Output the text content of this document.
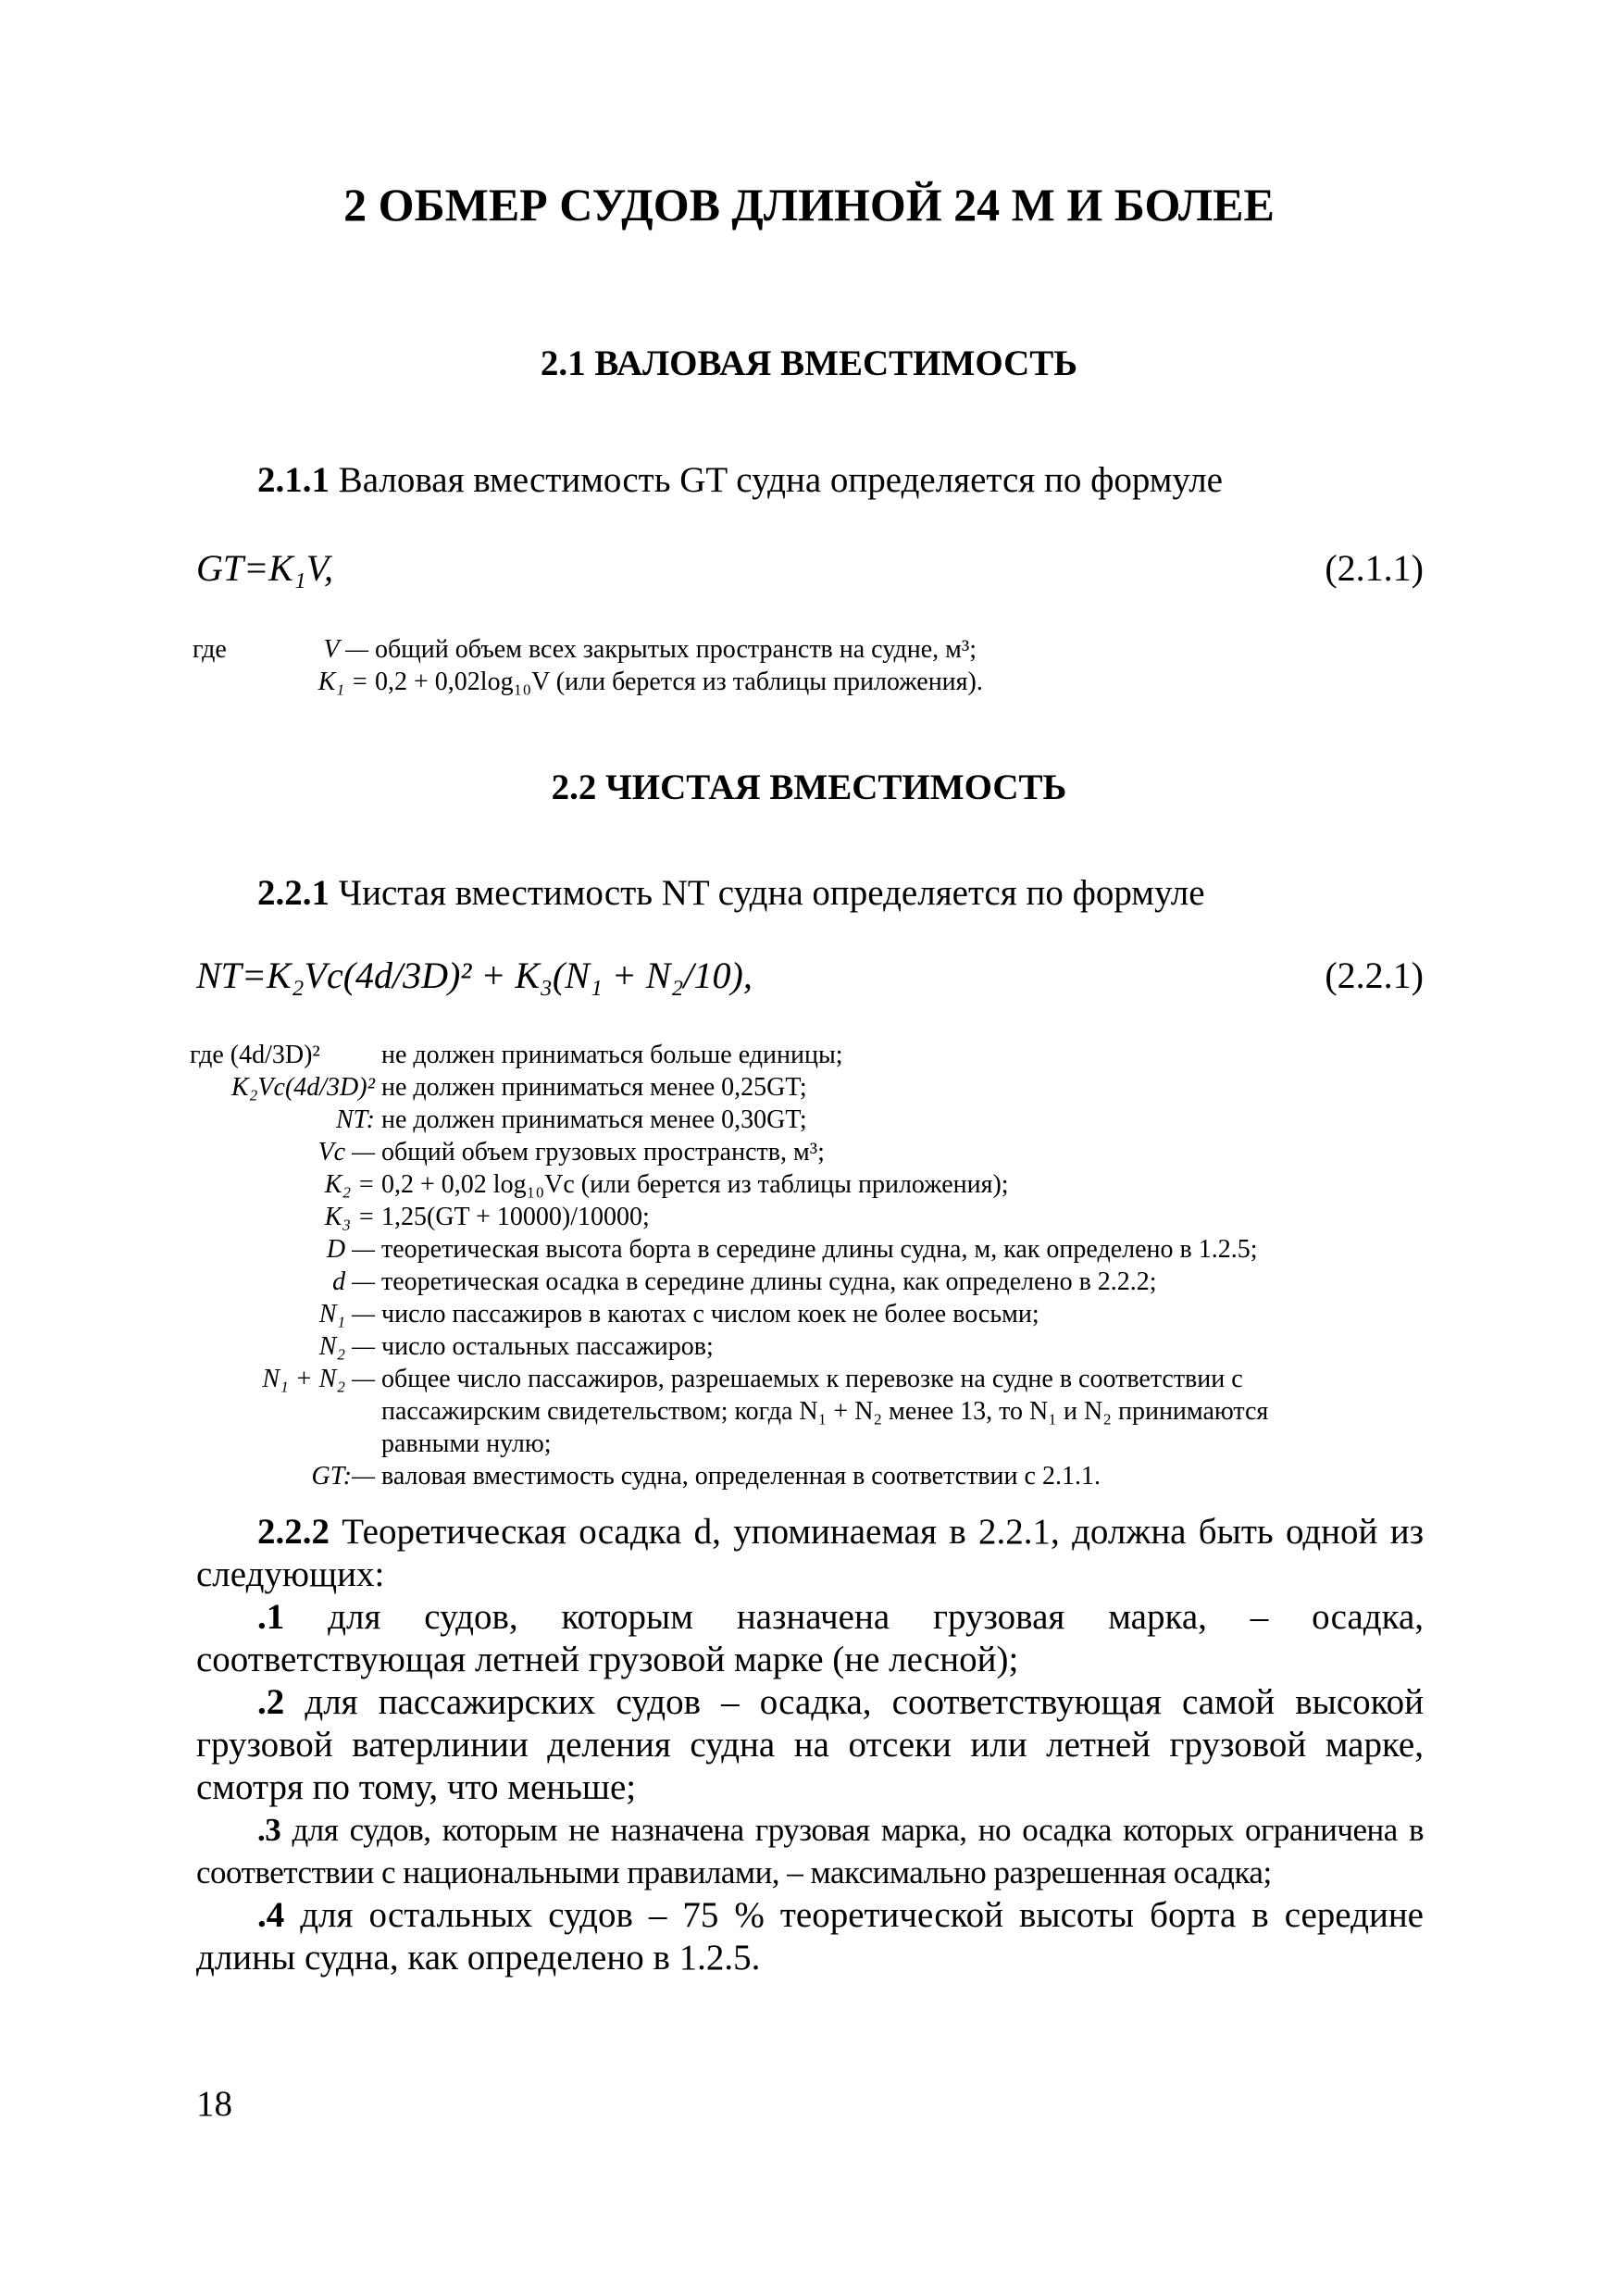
2 ОБМЕР СУДОВ ДЛИНОЙ 24 М И БОЛЕЕ
2.1 ВАЛОВАЯ ВМЕСТИМОСТЬ
2.1.1 Валовая вместимость GT судна определяется по формуле
GT=K₁V,	(2.1.1)
где	V — общий объем всех закрытых пространств на судне, м³;
K₁ = 0,2 + 0,02log₁₀V (или берется из таблицы приложения).
2.2 ЧИСТАЯ ВМЕСТИМОСТЬ
2.2.1 Чистая вместимость NT судна определяется по формуле
NT=K₂Vc(4d/3D)² + K₃(N₁ + N₂/10),	(2.2.1)
где (4d/3D)² не должен приниматься больше единицы;
K₂Vc(4d/3D)² не должен приниматься менее 0,25GT;
NT: не должен приниматься менее 0,30GT;
Vc — общий объем грузовых пространств, м³;
K₂ = 0,2 + 0,02 log₁₀Vc (или берется из таблицы приложения);
K₃ = 1,25(GT + 10000)/10000;
D — теоретическая высота борта в середине длины судна, м, как определено в 1.2.5;
d — теоретическая осадка в середине длины судна, как определено в 2.2.2;
N₁ — число пассажиров в каютах с числом коек не более восьми;
N₂ — число остальных пассажиров;
N₁ + N₂ — общее число пассажиров, разрешаемых к перевозке на судне в соответствии с
пассажирским свидетельством; когда N₁ + N₂ менее 13, то N₁ и N₂ принимаются
равными нулю;
GT:— валовая вместимость судна, определенная в соответствии с 2.1.1.

2.2.2 Теоретическая осадка d, упоминаемая в 2.2.1, должна быть одной из следующих:

.1 для судов, которым назначена грузовая марка, – осадка, соответствующая летней грузовой марке (не лесной);

.2 для пассажирских судов – осадка, соответствующая самой высокой грузовой ватерлинии деления судна на отсеки или летней грузовой марке, смотря по тому, что меньше;

.3 для судов, которым не назначена грузовая марка, но осадка которых ограничена в соответствии с национальными правилами, – максимально разрешенная осадка;

.4 для остальных судов – 75 % теоретической высоты борта в середине длины судна, как определено в 1.2.5.

18
